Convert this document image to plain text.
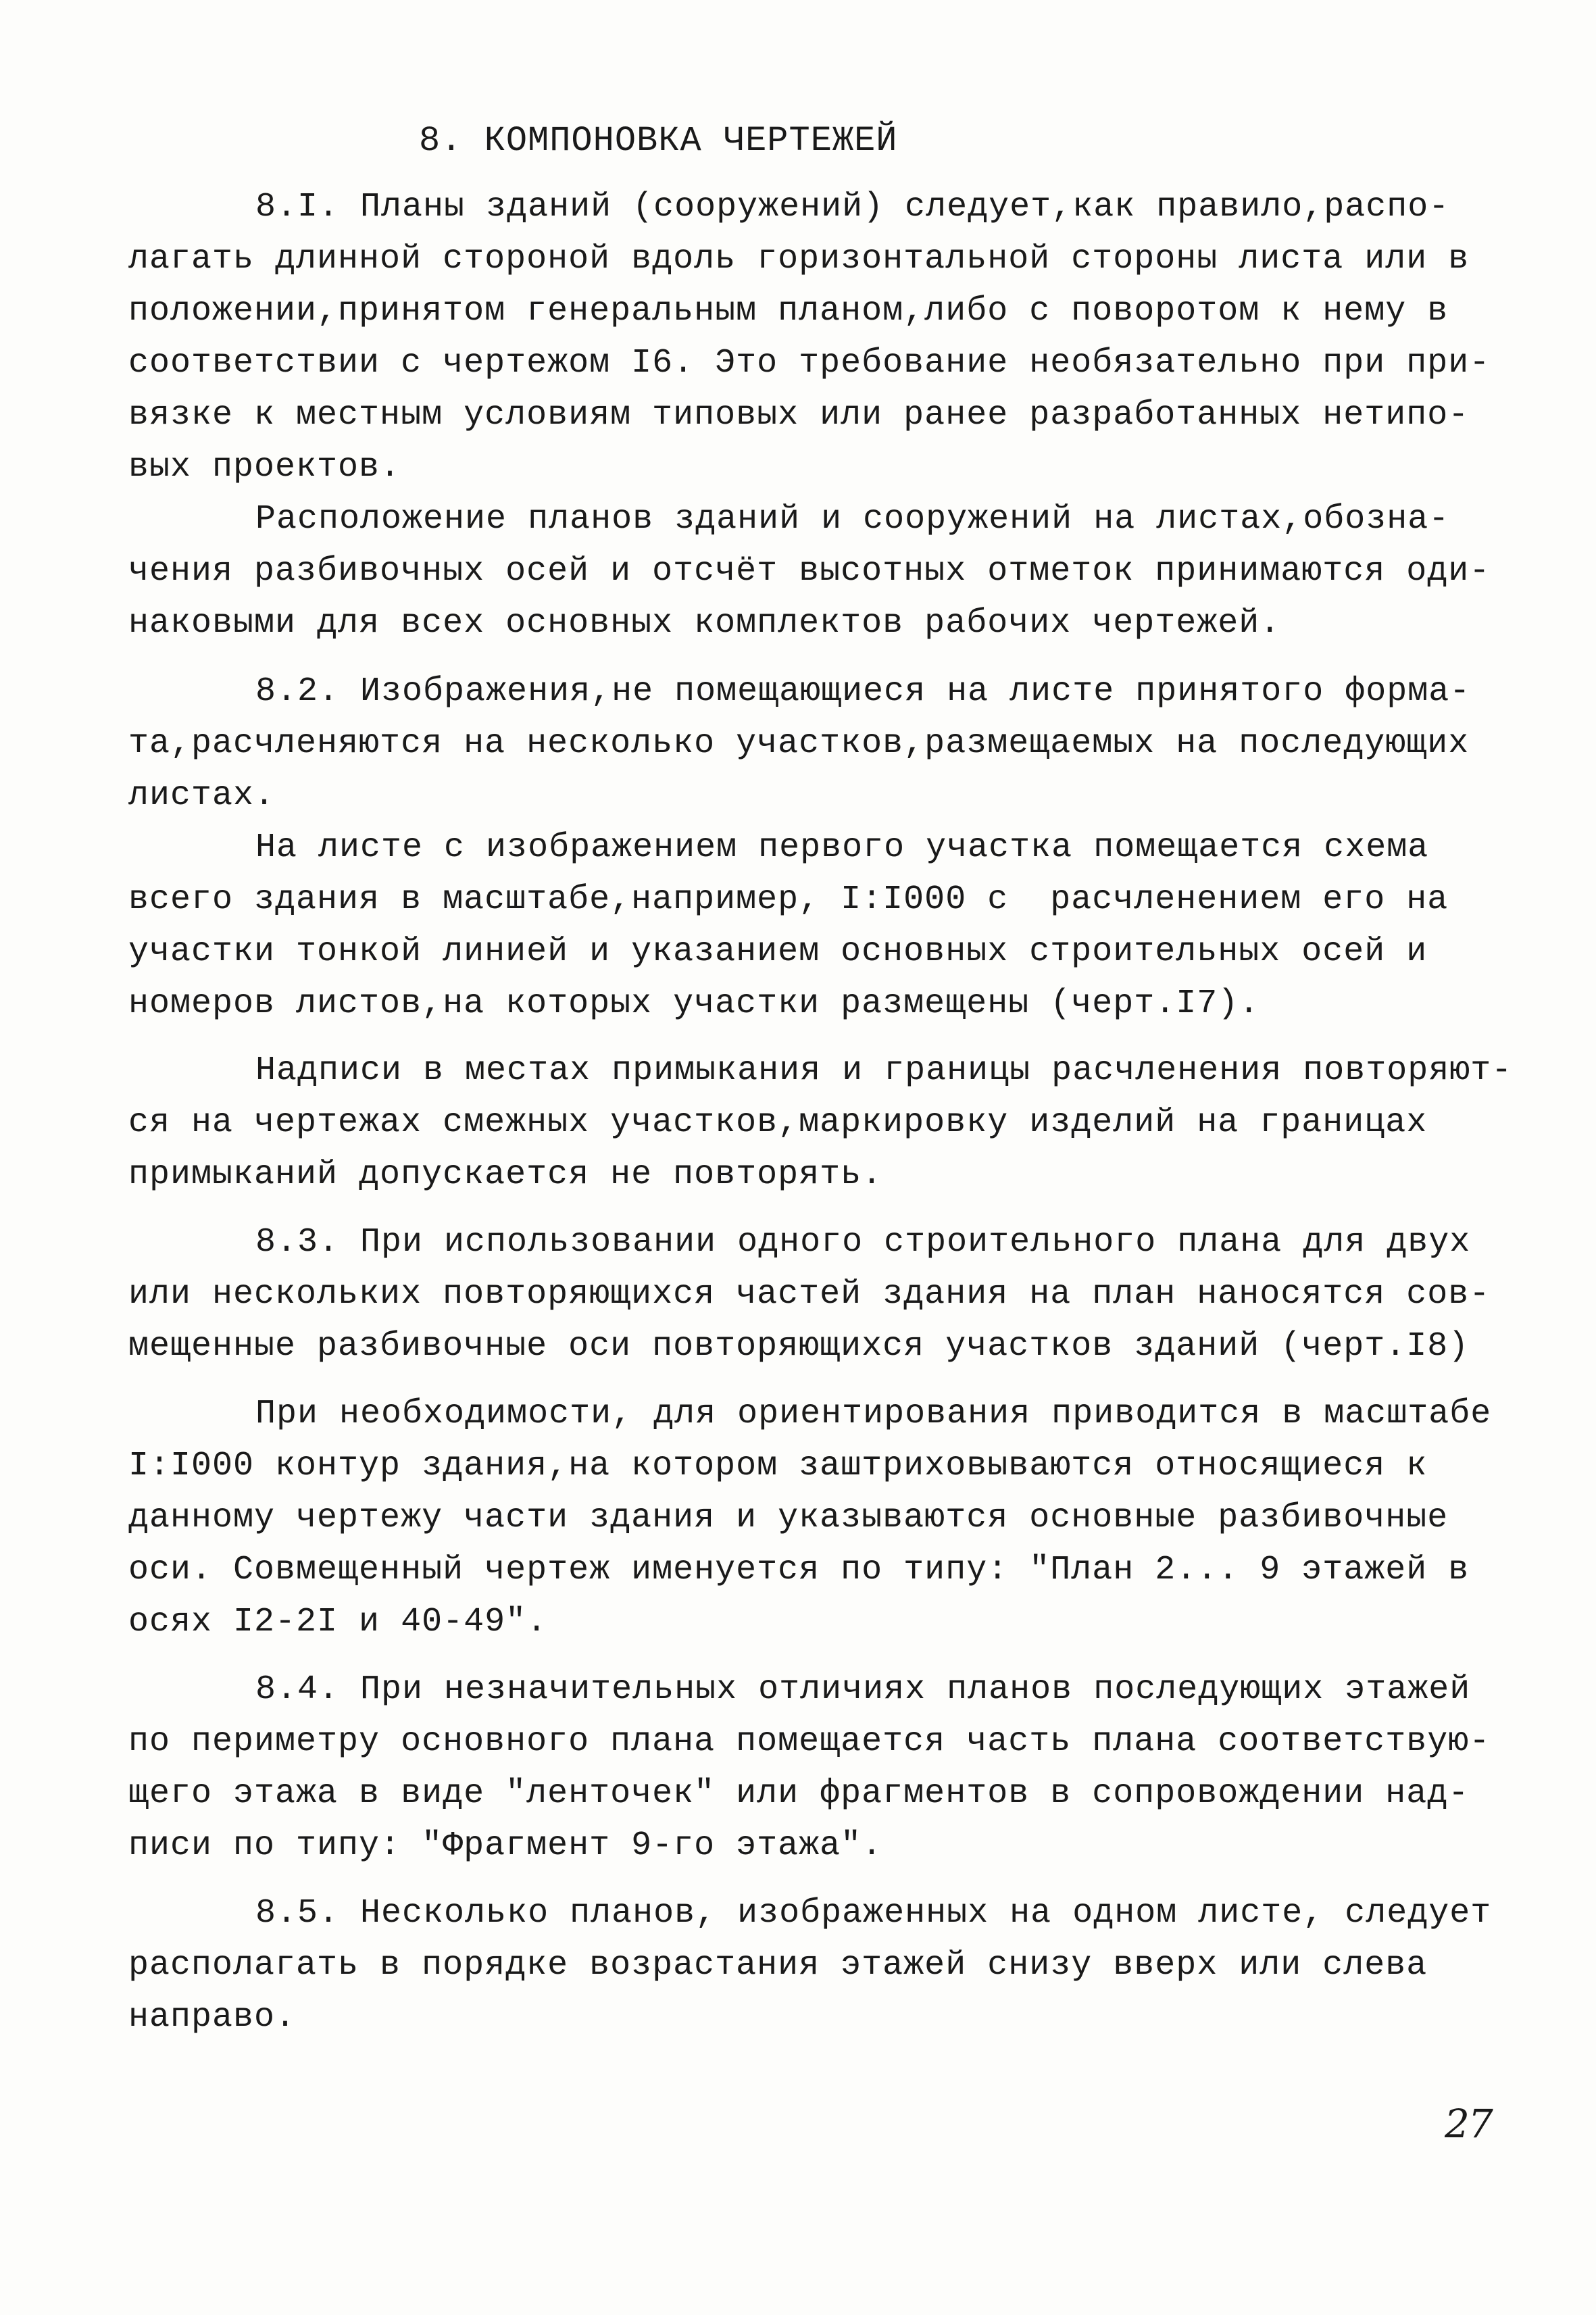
8. КОМПОНОВКА ЧЕРТЕЖЕЙ
8.I. Планы зданий (сооружений) следует,как правило,распо-
лагать длинной стороной вдоль горизонтальной стороны листа или в
положении,принятом генеральным планом,либо с поворотом к нему в
соответствии с чертежом I6. Это требование необязательно при при-
вязке к местным условиям типовых или ранее разработанных нетипо-
вых проектов.
Расположение планов зданий и сооружений на листах,обозна-
чения разбивочных осей и отсчёт высотных отметок принимаются оди-
наковыми для всех основных комплектов рабочих чертежей.
8.2. Изображения,не помещающиеся на листе принятого форма-
та,расчленяются на несколько участков,размещаемых на последующих
листах.
На листе с изображением первого участка помещается схема
всего здания в масштабе,например, I:I000 с  расчленением его на
участки тонкой линией и указанием основных строительных осей и
номеров листов,на которых участки размещены (черт.I7).
Надписи в местах примыкания и границы расчленения повторяют-
ся на чертежах смежных участков,маркировку изделий на границах
примыканий допускается не повторять.
8.3. При использовании одного строительного плана для двух
или нескольких повторяющихся частей здания на план наносятся сов-
мещенные разбивочные оси повторяющихся участков зданий (черт.I8)
При необходимости, для ориентирования приводится в масштабе
I:I000 контур здания,на котором заштриховываются относящиеся к
данному чертежу части здания и указываются основные разбивочные
оси. Совмещенный чертеж именуется по типу: "План 2... 9 этажей в
осях I2-2I и 40-49".
8.4. При незначительных отличиях планов последующих этажей
по периметру основного плана помещается часть плана соответствую-
щего этажа в виде "ленточек" или фрагментов в сопровождении над-
писи по типу: "Фрагмент 9-го этажа".
8.5. Несколько планов, изображенных на одном листе, следует
располагать в порядке возрастания этажей снизу вверх или слева
направо.
27
